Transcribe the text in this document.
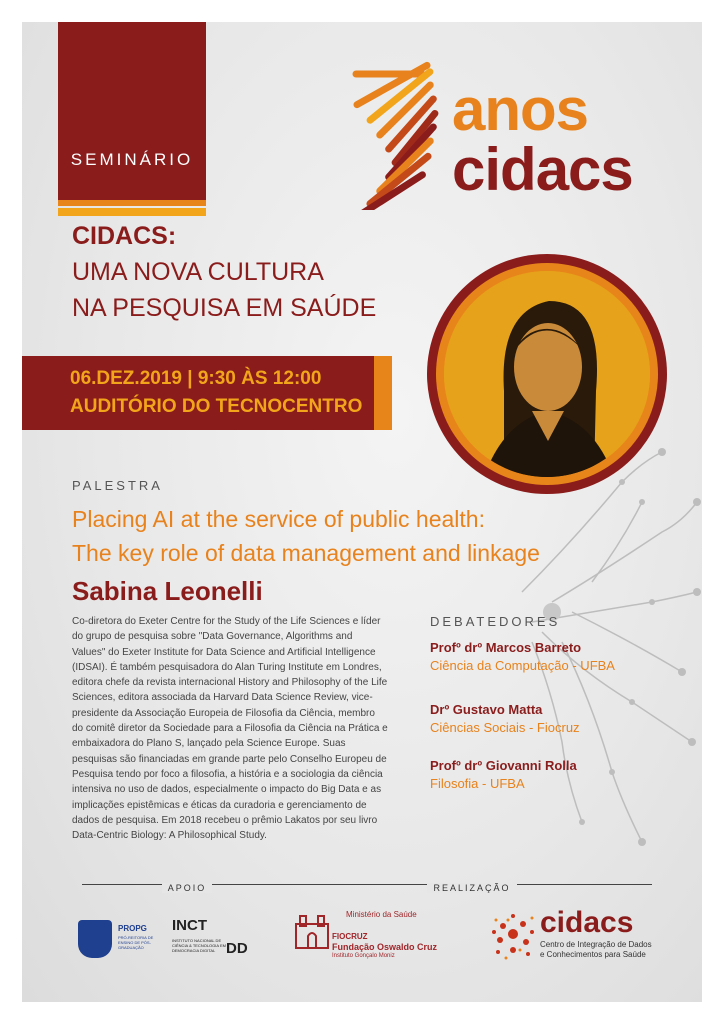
SEMINÁRIO
anos
cidacs
CIDACS:
UMA NOVA CULTURA
NA PESQUISA EM SAÚDE
06.DEZ.2019 | 9:30 ÀS 12:00
AUDITÓRIO DO TECNOCENTRO
PALESTRA
Placing AI at the service of public health:
The key role of data management and linkage
Sabina Leonelli
Co-diretora do Exeter Centre for the Study of the Life Sciences e líder do grupo de pesquisa sobre "Data Governance, Algorithms and Values" do Exeter Institute for Data Science and Artificial Intelligence (IDSAI). É também pesquisadora do Alan Turing Institute em Londres, editora chefe da revista internacional History and Philosophy of the Life Sciences, editora associada da Harvard Data Science Review, vice-presidente da Associação Europeia de Filosofia da Ciência, membro do comitê diretor da Sociedade para a Filosofia da Ciência na Prática e embaixadora do Plano S, lançado pela Science Europe. Suas pesquisas são financiadas em grande parte pelo Conselho Europeu de Pesquisa tendo por foco a filosofia, a história e a sociologia da ciência intensiva no uso de dados, especialmente o impacto do Big Data e as implicações epistêmicas e éticas da curadoria e gerenciamento de dados de pesquisa. Em 2018 recebeu o prêmio Lakatos por seu livro Data-Centric Biology: A Philosophical Study.
DEBATEDORES
Profº drº Marcos Barreto
Ciência da Computação - UFBA
Drº Gustavo Matta
Ciências Sociais - Fiocruz
Profº drº Giovanni Rolla
Filosofia - UFBA
APOIO	REALIZAÇÃO
PROPG
PRÓ-REITORIA DE ENSINO DE PÓS-GRADUAÇÃO
INCT
DD
INSTITUTO NACIONAL DE CIÊNCIA & TECNOLOGIA EM DEMOCRACIA DIGITAL
Ministério da Saúde
FIOCRUZ
Fundação Oswaldo Cruz
Instituto Gonçalo Moniz
cidacs
Centro de Integração de Dados
e Conhecimentos para Saúde
